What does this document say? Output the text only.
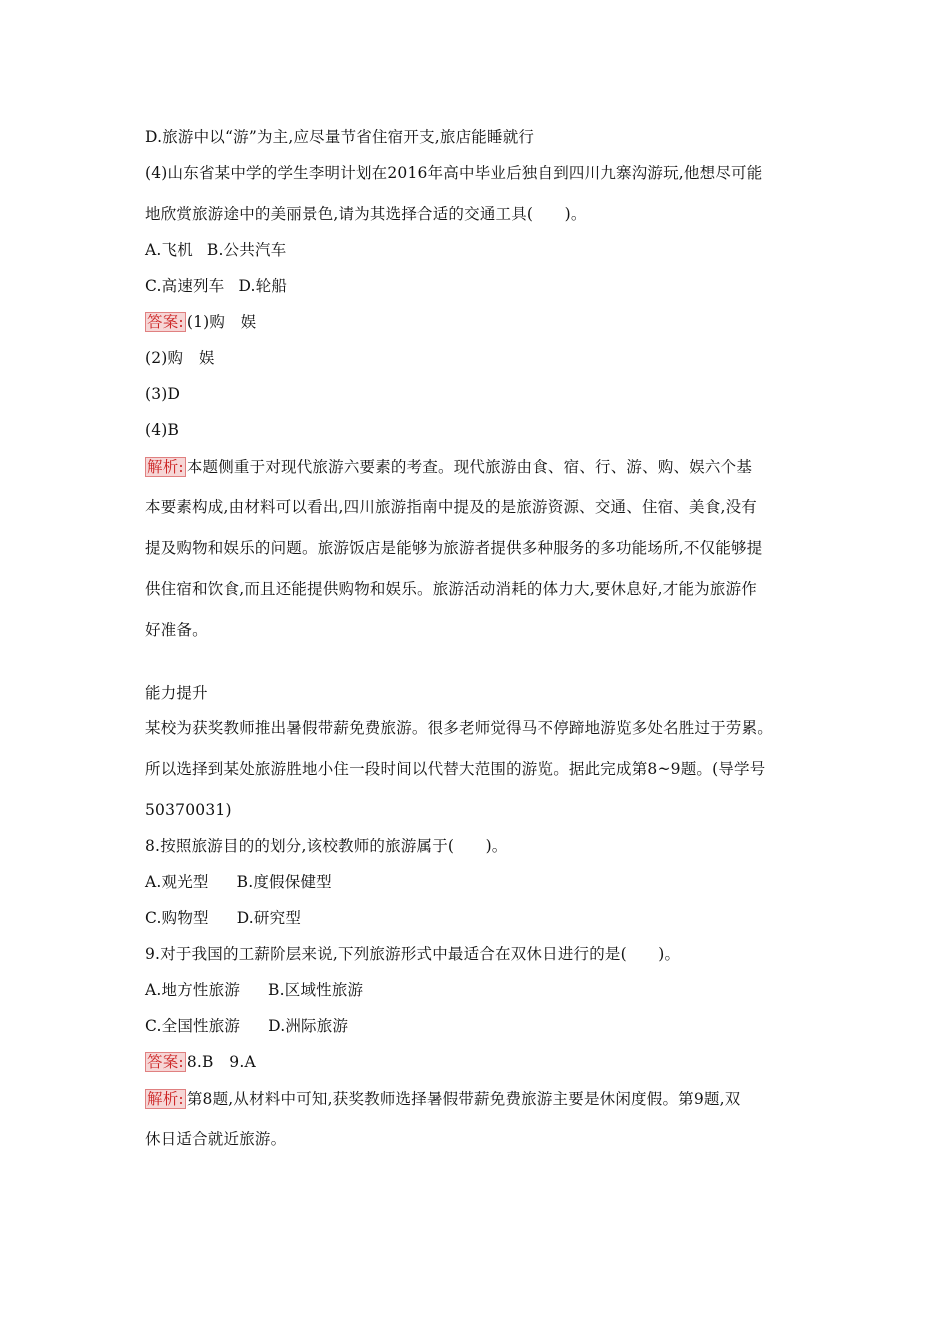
D.旅游中以“游”为主,应尽量节省住宿开支,旅店能睡就行
(4)山东省某中学的学生李明计划在2016年高中毕业后独自到四川九寨沟游玩,他想尽可能
地欣赏旅游途中的美丽景色,请为其选择合适的交通工具(　　)。
A.飞机 B.公共汽车
C.高速列车 D.轮船
答案: (1)购　娱
(2)购　娱
(3)D
(4)B
解析: 本题侧重于对现代旅游六要素的考查。现代旅游由食、宿、行、游、购、娱六个基
本要素构成,由材料可以看出,四川旅游指南中提及的是旅游资源、交通、住宿、美食,没有
提及购物和娱乐的问题。旅游饭店是能够为旅游者提供多种服务的多功能场所,不仅能够提
供住宿和饮食,而且还能提供购物和娱乐。旅游活动消耗的体力大,要休息好,才能为旅游作
好准备。
能力提升
某校为获奖教师推出暑假带薪免费旅游。很多老师觉得马不停蹄地游览多处名胜过于劳累。
所以选择到某处旅游胜地小住一段时间以代替大范围的游览。据此完成第8~9题。(导学号
50370031)
8.按照旅游目的的划分,该校教师的旅游属于(　　)。
A.观光型 B.度假保健型
C.购物型 D.研究型
9.对于我国的工薪阶层来说,下列旅游形式中最适合在双休日进行的是(　　)。
A.地方性旅游 B.区域性旅游
C.全国性旅游 D.洲际旅游
答案: 8.B　9.A
解析: 第8题,从材料中可知,获奖教师选择暑假带薪免费旅游主要是休闲度假。第9题,双
休日适合就近旅游。
